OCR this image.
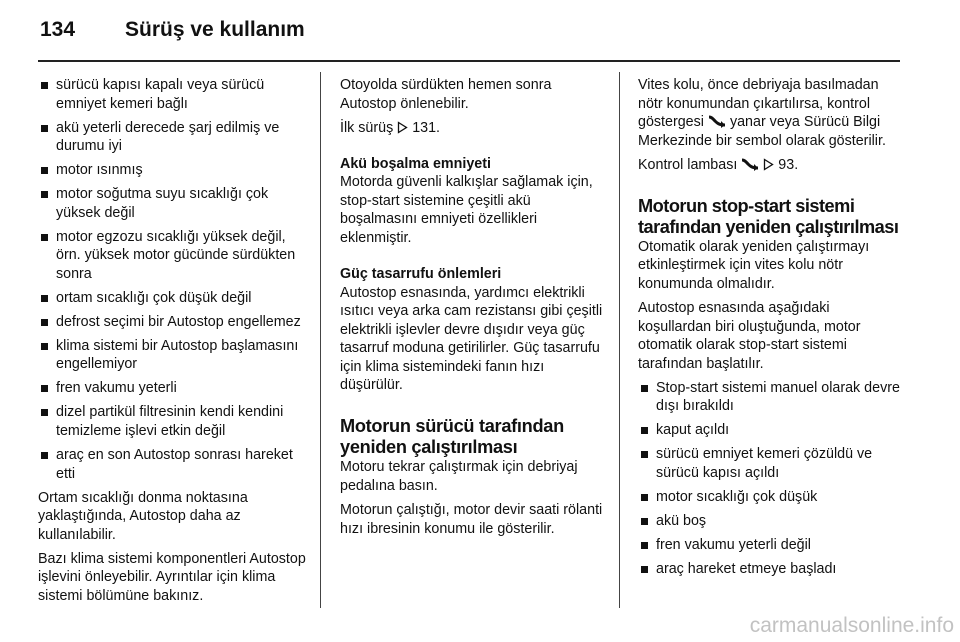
134 Sürüş ve kullanım
sürücü kapısı kapalı veya sürücü emniyet kemeri bağlı
akü yeterli derecede şarj edilmiş ve durumu iyi
motor ısınmış
motor soğutma suyu sıcaklığı çok yüksek değil
motor egzozu sıcaklığı yüksek değil, örn. yüksek motor gücünde sürdükten sonra
ortam sıcaklığı çok düşük değil
defrost seçimi bir Autostop engellemez
klima sistemi bir Autostop başlamasını engellemiyor
fren vakumu yeterli
dizel partikül filtresinin kendi kendini temizleme işlevi etkin değil
araç en son Autostop sonrası hareket etti
Ortam sıcaklığı donma noktasına yaklaştığında, Autostop daha az kullanılabilir.
Bazı klima sistemi komponentleri Autostop işlevini önleyebilir. Ayrıntılar için klima sistemi bölümüne bakınız.
Otoyolda sürdükten hemen sonra Autostop önlenebilir.
İlk sürüş 131.
Akü boşalma emniyeti
Motorda güvenli kalkışlar sağlamak için, stop-start sistemine çeşitli akü boşalmasını emniyeti özellikleri eklenmiştir.
Güç tasarrufu önlemleri
Autostop esnasında, yardımcı elektrikli ısıtıcı veya arka cam rezistansı gibi çeşitli elektrikli işlevler devre dışıdır veya güç tasarruf moduna getirilirler. Güç tasarrufu için klima sistemindeki fanın hızı düşürülür.
Motorun sürücü tarafından yeniden çalıştırılması
Motoru tekrar çalıştırmak için debriyaj pedalına basın.
Motorun çalıştığı, motor devir saati rölanti hızı ibresinin konumu ile gösterilir.
Vites kolu, önce debriyaja basılmadan nötr konumundan çıkartılırsa, kontrol göstergesi yanar veya Sürücü Bilgi Merkezinde bir sembol olarak gösterilir.
Kontrol lambası	93.
Motorun stop-start sistemi
tarafından yeniden çalıştırılması
Otomatik olarak yeniden çalıştırmayı etkinleştirmek için vites kolu nötr konumunda olmalıdır.
Autostop esnasında aşağıdaki koşullardan biri oluştuğunda, motor otomatik olarak stop-start sistemi tarafından başlatılır.
Stop-start sistemi manuel olarak devre dışı bırakıldı
kaput açıldı
sürücü emniyet kemeri çözüldü ve sürücü kapısı açıldı
motor sıcaklığı çok düşük
akü boş
fren vakumu yeterli değil
araç hareket etmeye başladı
carmanualsonline.info
